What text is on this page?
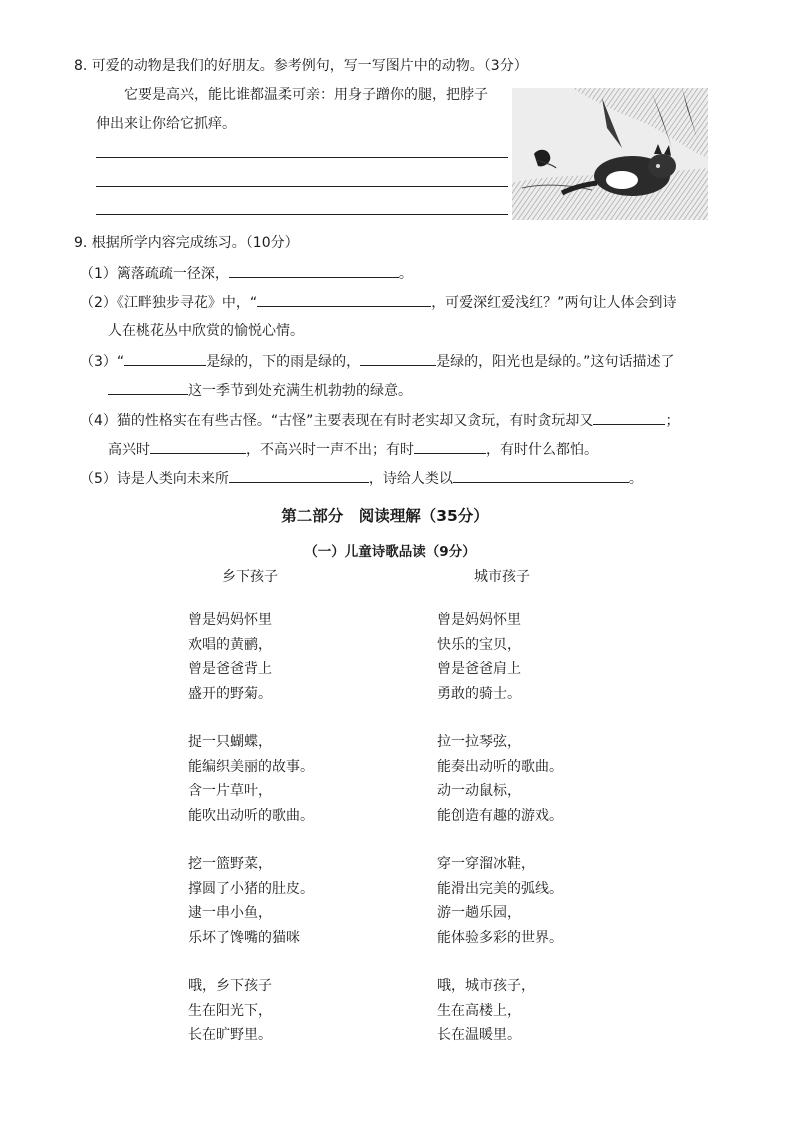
8. 可爱的动物是我们的好朋友。参考例句，写一写图片中的动物。（3分）
它要是高兴，能比谁都温柔可亲：用身子蹭你的腿，把脖子
伸出来让你给它抓痒。
9. 根据所学内容完成练习。（10分）
（1）篱落疏疏一径深，	。
（2）《江畔独步寻花》中，“	，可爱深红爱浅红？”两句让人体会到诗
人在桃花丛中欣赏的愉悦心情。
（3）“	是绿的，下的雨是绿的，	是绿的，阳光也是绿的。”这句话描述了
这一季节到处充满生机勃勃的绿意。
（4）猫的性格实在有些古怪。“古怪”主要表现在有时老实却又贪玩，有时贪玩却又	；
高兴时	，不高兴时一声不出；有时	，有时什么都怕。
（5）诗是人类向未来所	，诗给人类以	。
第二部分　阅读理解（35分）
（一）儿童诗歌品读（9分）
乡下孩子	城市孩子
曾是妈妈怀里
欢唱的黄鹂，
曾是爸爸背上
盛开的野菊。
捉一只蝴蝶，
能编织美丽的故事。
含一片草叶，
能吹出动听的歌曲。
挖一篮野菜，
撑圆了小猪的肚皮。
逮一串小鱼，
乐坏了馋嘴的猫咪
哦，乡下孩子
生在阳光下，
长在旷野里。
曾是妈妈怀里
快乐的宝贝，
曾是爸爸肩上
勇敢的骑士。
拉一拉琴弦，
能奏出动听的歌曲。
动一动鼠标，
能创造有趣的游戏。
穿一穿溜冰鞋，
能滑出完美的弧线。
游一趟乐园，
能体验多彩的世界。
哦，城市孩子，
生在高楼上，
长在温暖里。
